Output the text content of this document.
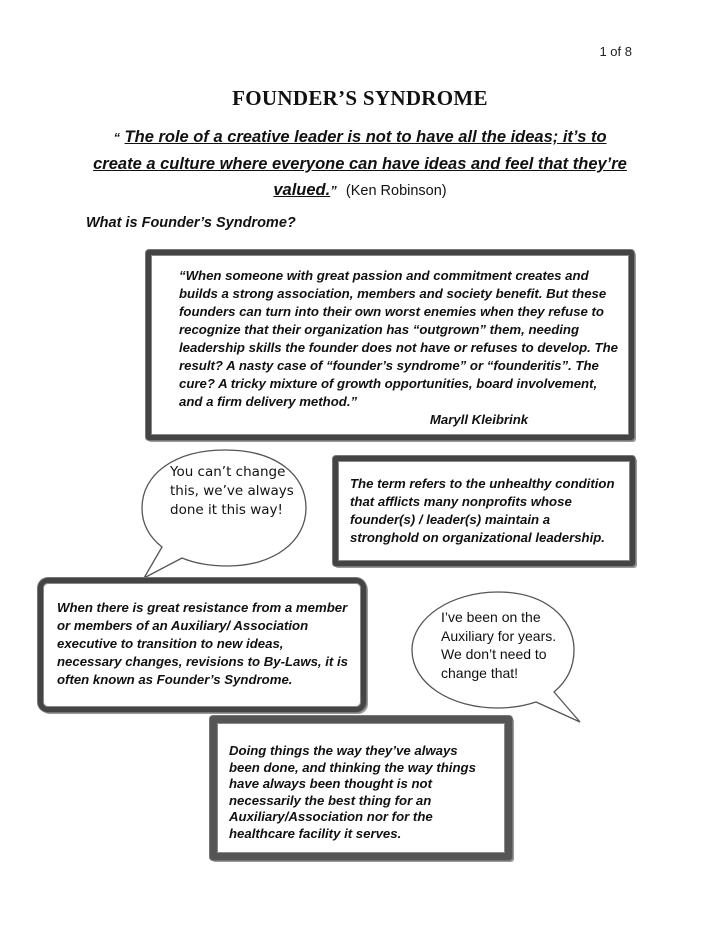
1 of 8
FOUNDER’S SYNDROME
“ The role of a creative leader is not to have all the ideas; it’s to create a culture where everyone can have ideas and feel that they’re valued.” (Ken Robinson)
What is Founder’s Syndrome?
“When someone with great passion and commitment creates and builds a strong association, members and society benefit. But these founders can turn into their own worst enemies when they refuse to recognize that their organization has “outgrown” them, needing leadership skills the founder does not have or refuses to develop. The result? A nasty case of “founder’s syndrome” or “founderitis”. The cure? A tricky mixture of growth opportunities, board involvement, and a firm delivery method.”
Maryll Kleibrink
You can’t change this, we’ve always done it this way!
The term refers to the unhealthy condition that afflicts many nonprofits whose founder(s) / leader(s) maintain a stronghold on organizational leadership.
When there is great resistance from a member or members of an Auxiliary/ Association executive to transition to new ideas, necessary changes, revisions to By-Laws, it is often known as Founder’s Syndrome.
I’ve been on the Auxiliary for years. We don’t need to change that!
Doing things the way they’ve always been done, and thinking the way things have always been thought is not necessarily the best thing for an Auxiliary/Association nor for the healthcare facility it serves.
